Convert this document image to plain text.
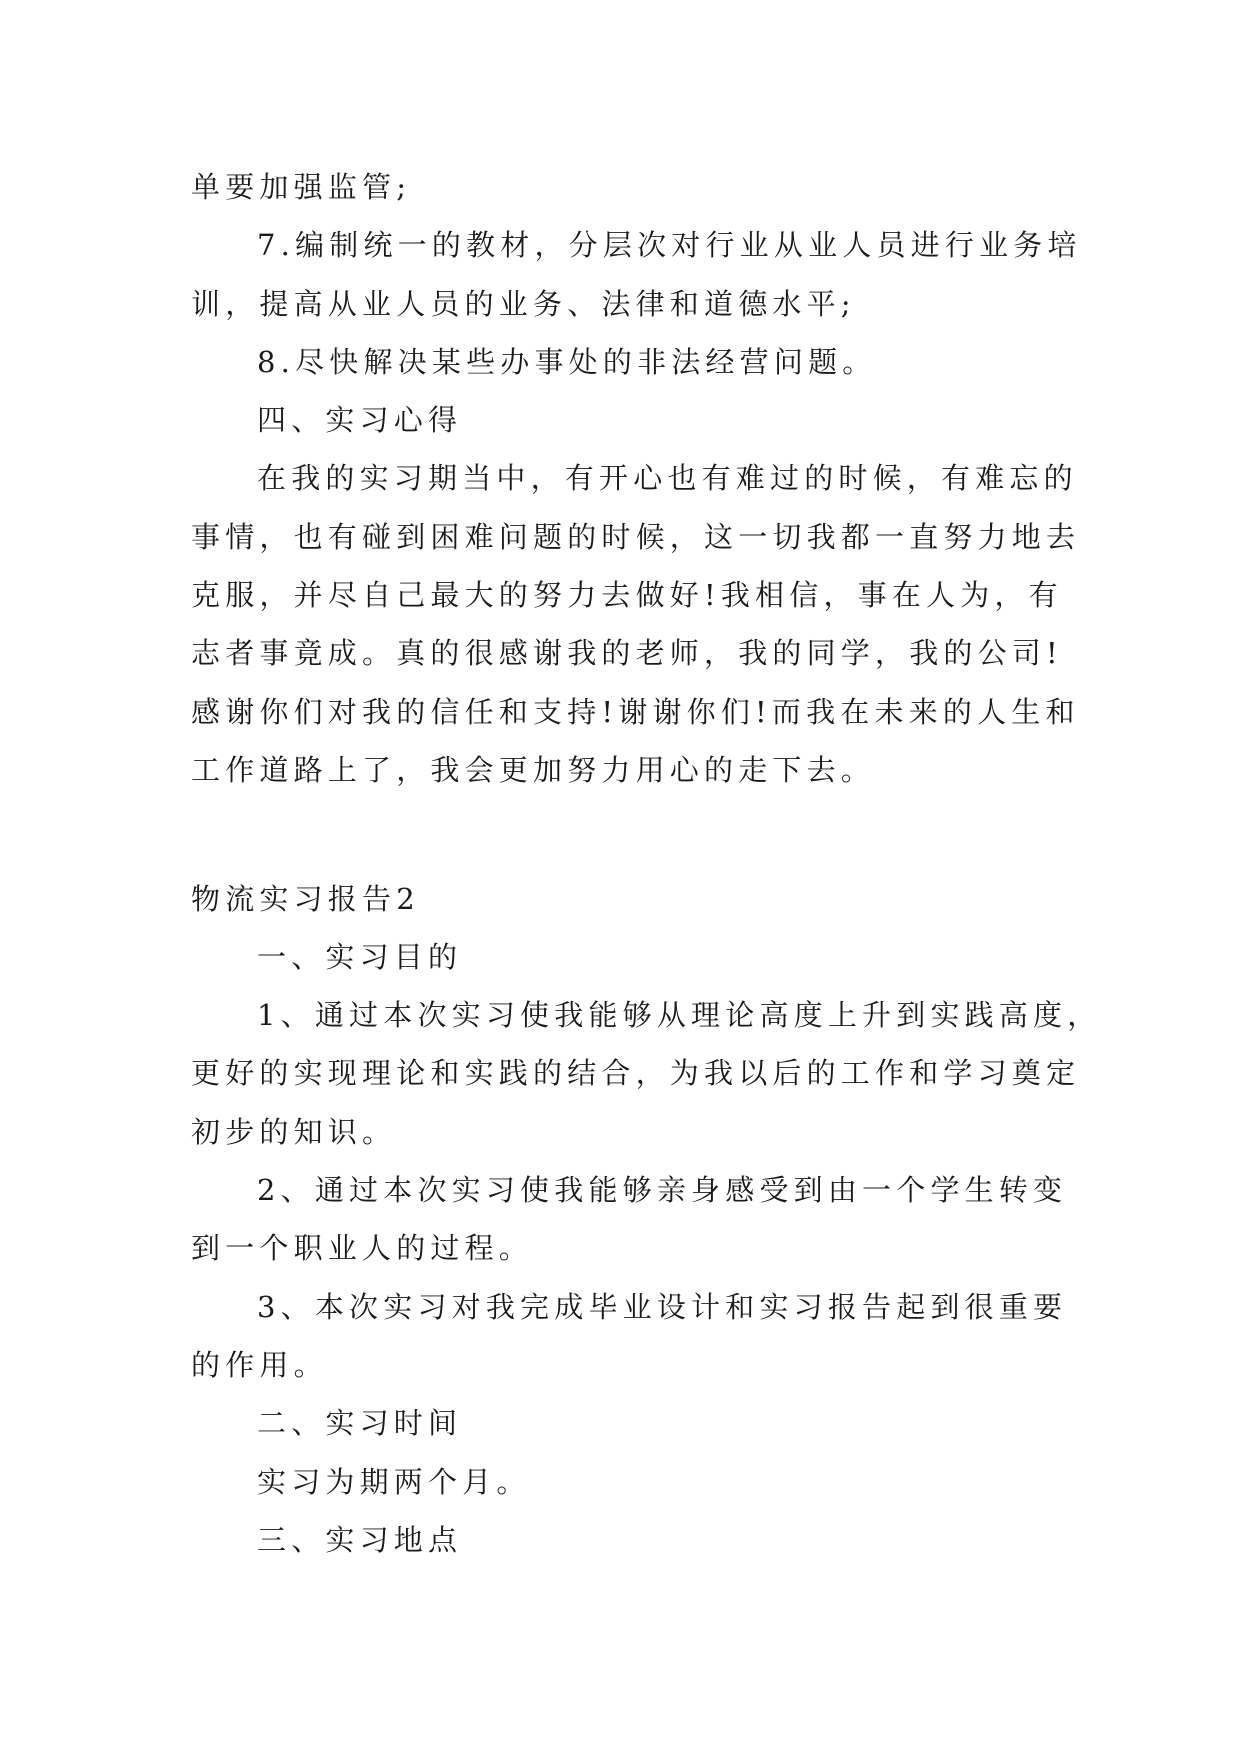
单要加强监管;

7.编制统一的教材，分层次对行业从业人员进行业务培

训，提高从业人员的业务、法律和道德水平;

8.尽快解决某些办事处的非法经营问题。

四、实习心得

在我的实习期当中，有开心也有难过的时候，有难忘的

事情，也有碰到困难问题的时候，这一切我都一直努力地去

克服，并尽自己最大的努力去做好!我相信，事在人为，有

志者事竟成。真的很感谢我的老师，我的同学，我的公司!

感谢你们对我的信任和支持!谢谢你们!而我在未来的人生和

工作道路上了，我会更加努力用心的走下去。

物流实习报告2

一、实习目的

1、通过本次实习使我能够从理论高度上升到实践高度，

更好的实现理论和实践的结合，为我以后的工作和学习奠定

初步的知识。

2、通过本次实习使我能够亲身感受到由一个学生转变

到一个职业人的过程。

3、本次实习对我完成毕业设计和实习报告起到很重要

的作用。

二、实习时间

实习为期两个月。

三、实习地点
